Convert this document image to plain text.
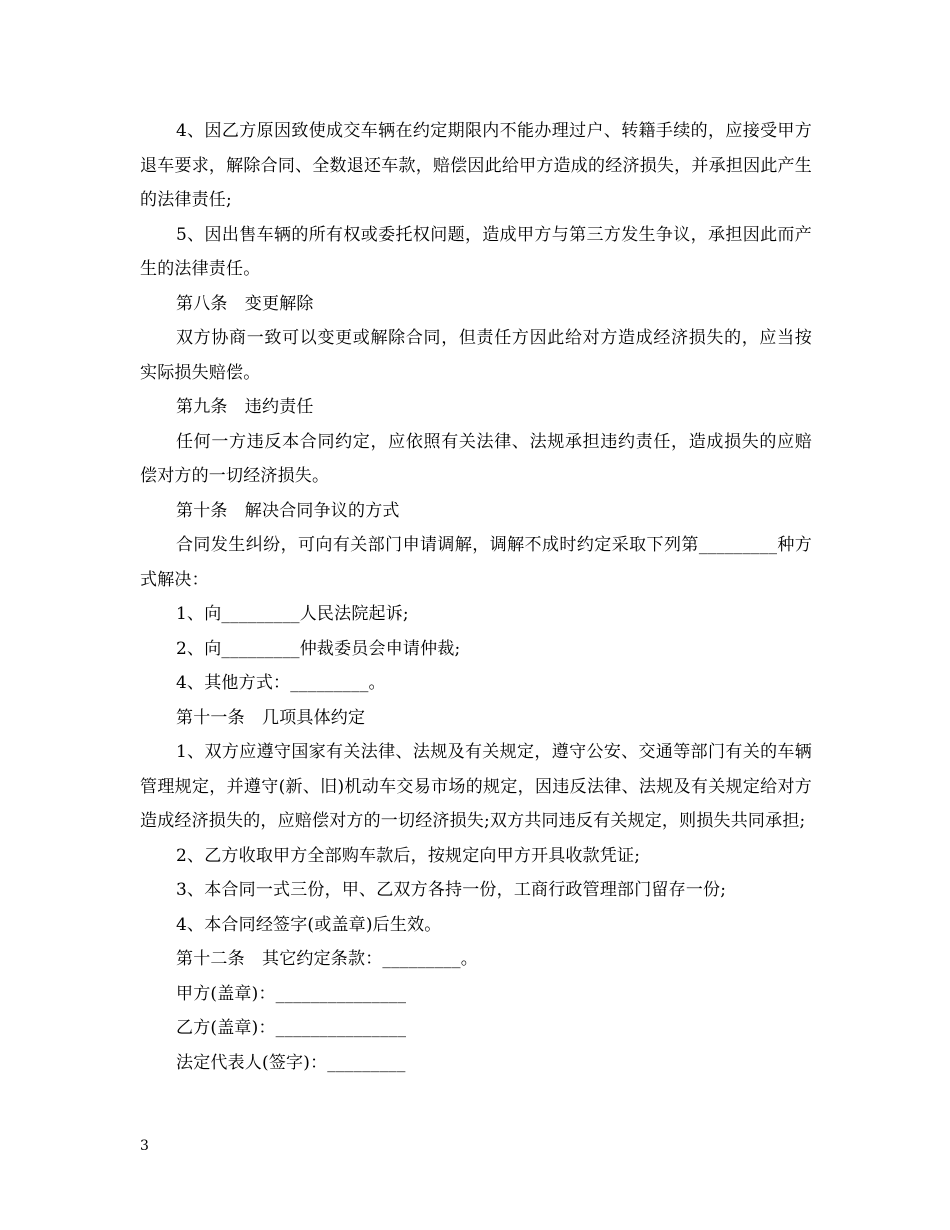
4、因乙方原因致使成交车辆在约定期限内不能办理过户、转籍手续的，应接受甲方退车要求，解除合同、全数退还车款，赔偿因此给甲方造成的经济损失，并承担因此产生的法律责任;

5、因出售车辆的所有权或委托权问题，造成甲方与第三方发生争议，承担因此而产生的法律责任。

第八条　变更解除

双方协商一致可以变更或解除合同，但责任方因此给对方造成经济损失的，应当按实际损失赔偿。

第九条　违约责任

任何一方违反本合同约定，应依照有关法律、法规承担违约责任，造成损失的应赔偿对方的一切经济损失。

第十条　解决合同争议的方式

合同发生纠纷，可向有关部门申请调解，调解不成时约定采取下列第_________种方式解决：

1、向_________人民法院起诉;

2、向_________仲裁委员会申请仲裁;

4、其他方式：_________。

第十一条　几项具体约定

1、双方应遵守国家有关法律、法规及有关规定，遵守公安、交通等部门有关的车辆管理规定，并遵守(新、旧)机动车交易市场的规定，因违反法律、法规及有关规定给对方造成经济损失的，应赔偿对方的一切经济损失;双方共同违反有关规定，则损失共同承担;

2、乙方收取甲方全部购车款后，按规定向甲方开具收款凭证;

3、本合同一式三份，甲、乙双方各持一份，工商行政管理部门留存一份;

4、本合同经签字(或盖章)后生效。

第十二条　其它约定条款：_________。

甲方(盖章)：_______________

乙方(盖章)：_______________

法定代表人(签字)：_________

3
